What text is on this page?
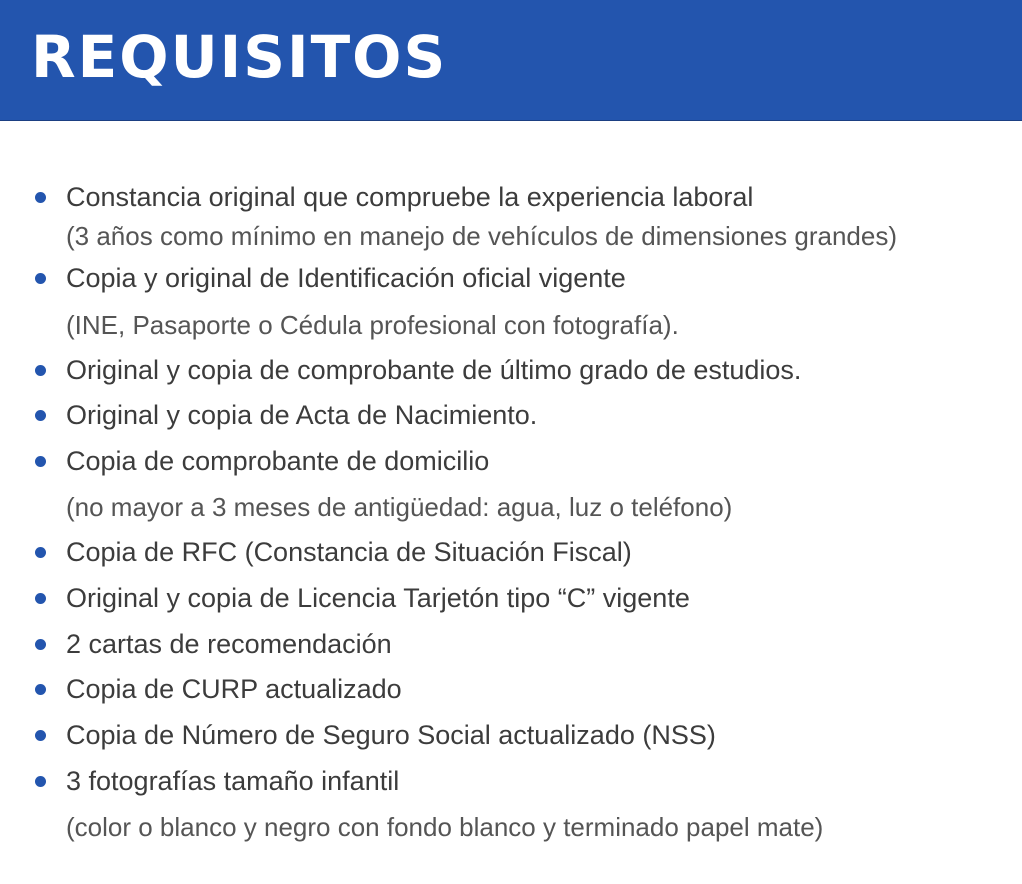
REQUISITOS
Constancia original que compruebe la experiencia laboral
(3 años como mínimo en manejo de vehículos de dimensiones grandes)
Copia y original de Identificación oficial vigente
(INE, Pasaporte o Cédula profesional con fotografía).
Original y copia de comprobante de último grado de estudios.
Original y copia de Acta de Nacimiento.
Copia de comprobante de domicilio
(no mayor a 3 meses de antigüedad: agua, luz o teléfono)
Copia de RFC (Constancia de Situación Fiscal)
Original y copia de Licencia Tarjetón tipo “C” vigente
2 cartas de recomendación
Copia de CURP actualizado
Copia de Número de Seguro Social actualizado (NSS)
3 fotografías tamaño infantil
(color o blanco y negro con fondo blanco y terminado papel mate)
